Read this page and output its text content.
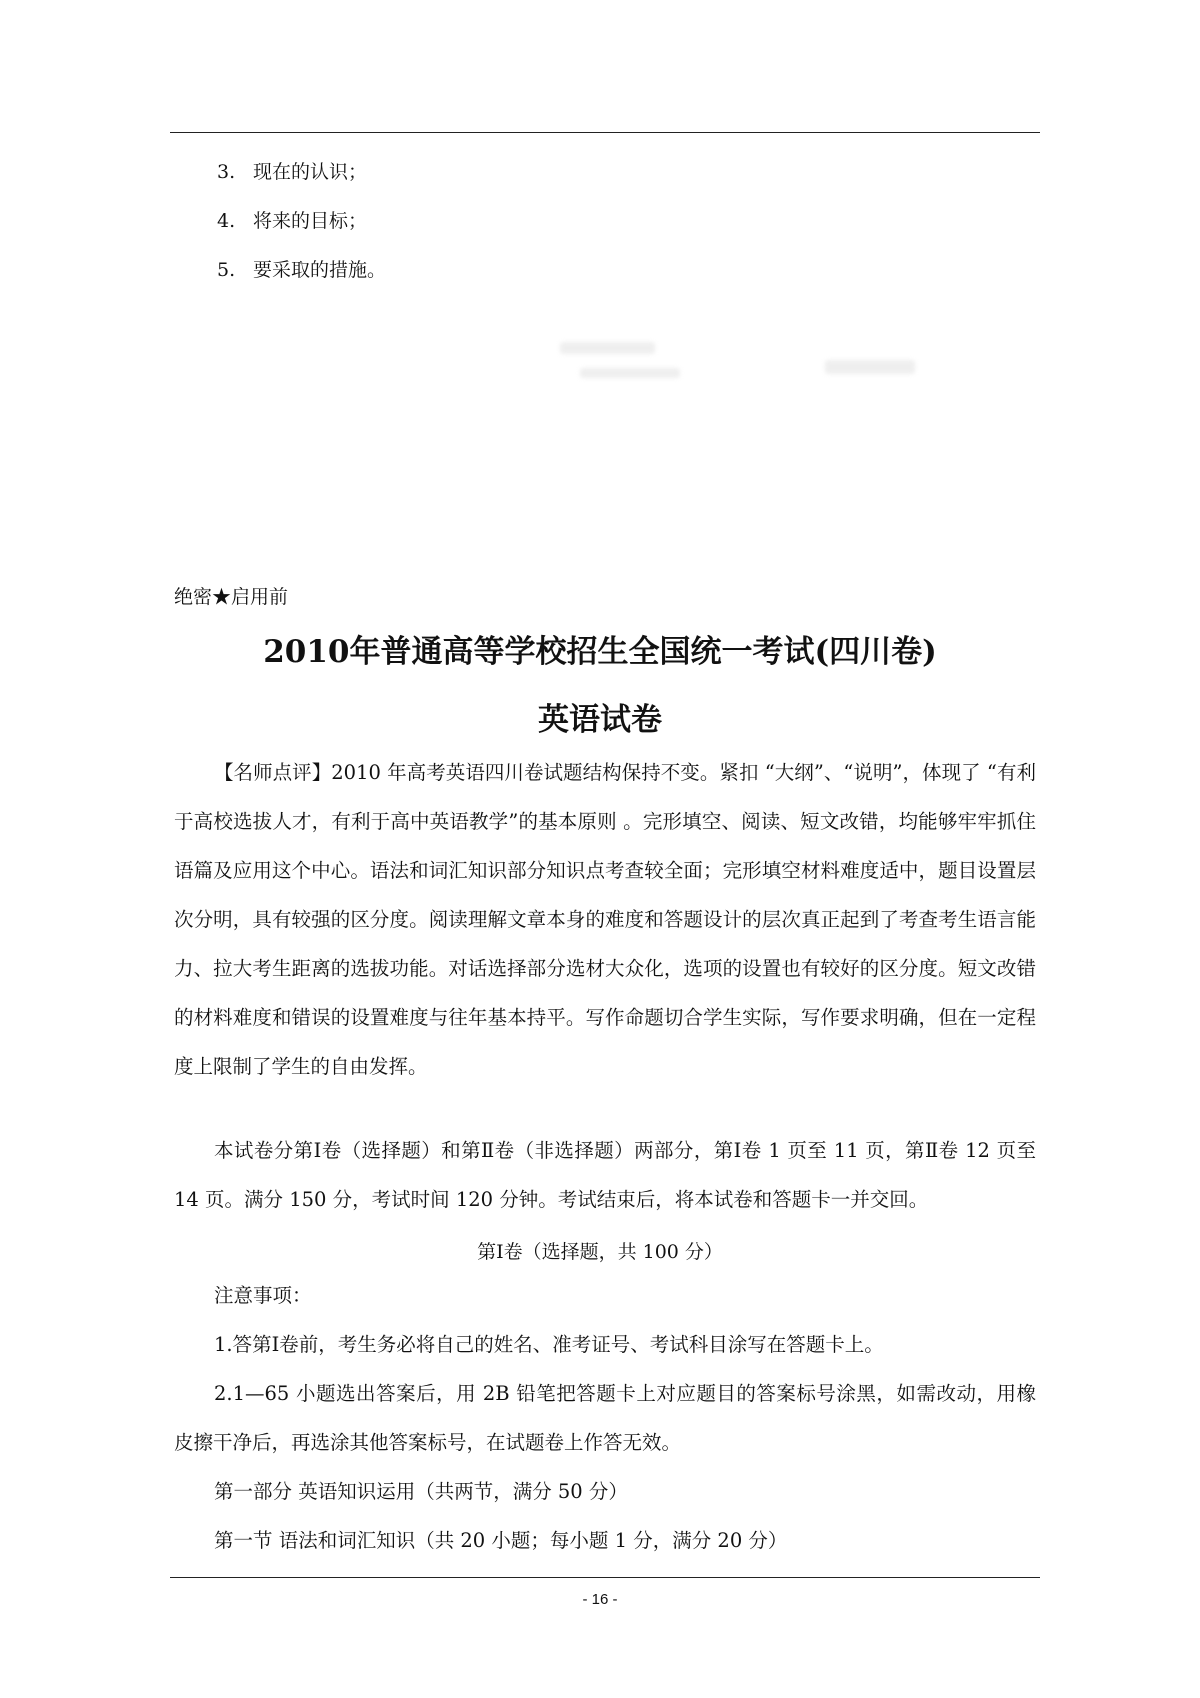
3. 现在的认识；
4. 将来的目标；
5. 要采取的措施。
绝密★启用前
2010年普通高等学校招生全国统一考试(四川卷)
英语试卷

【名师点评】2010 年高考英语四川卷试题结构保持不变。紧扣 “大纲”、“说明”，体现了 “有利于高校选拔人才，有利于高中英语教学”的基本原则 。完形填空、阅读、短文改错，均能够牢牢抓住语篇及应用这个中心。语法和词汇知识部分知识点考查较全面；完形填空材料难度适中，题目设置层次分明，具有较强的区分度。阅读理解文章本身的难度和答题设计的层次真正起到了考查考生语言能力、拉大考生距离的选拔功能。对话选择部分选材大众化，选项的设置也有较好的区分度。短文改错的材料难度和错误的设置难度与往年基本持平。写作命题切合学生实际，写作要求明确，但在一定程度上限制了学生的自由发挥。

本试卷分第Ⅰ卷（选择题）和第Ⅱ卷（非选择题）两部分，第Ⅰ卷 1 页至 11 页，第Ⅱ卷 12 页至 14 页。满分 150 分，考试时间 120 分钟。考试结束后，将本试卷和答题卡一并交回。

第Ⅰ卷（选择题，共 100 分）

注意事项：

1.答第Ⅰ卷前，考生务必将自己的姓名、准考证号、考试科目涂写在答题卡上。

2.1—65 小题选出答案后，用 2B 铅笔把答题卡上对应题目的答案标号涂黑，如需改动，用橡皮擦干净后，再选涂其他答案标号，在试题卷上作答无效。

第一部分 英语知识运用（共两节，满分 50 分）

第一节 语法和词汇知识（共 20 小题；每小题 1 分，满分 20 分）

- 16 -
